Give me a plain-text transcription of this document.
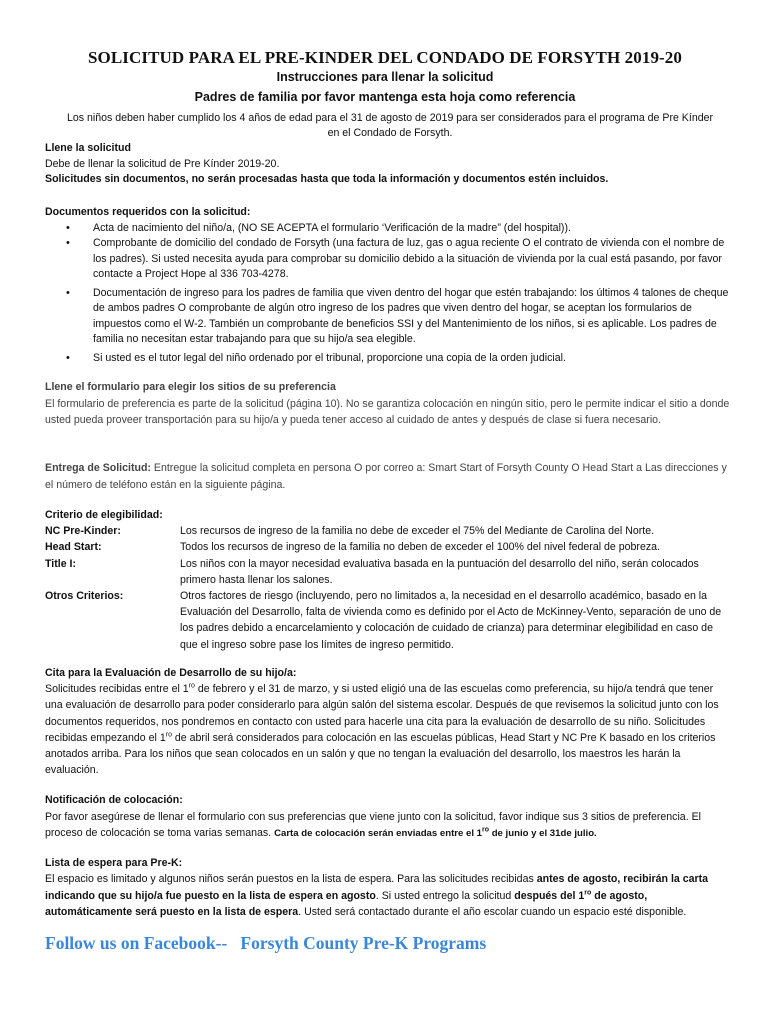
SOLICITUD PARA EL PRE-KINDER DEL CONDADO DE FORSYTH 2019-20
Instrucciones para llenar la solicitud
Padres de familia por favor mantenga esta hoja como referencia
Los niños deben haber cumplido los 4 años de edad para el 31 de agosto de 2019 para ser considerados para el programa de Pre Kínder en el Condado de Forsyth.
Llene la solicitud
Debe de llenar la solicitud de Pre Kínder 2019-20.
Solicitudes sin documentos, no serán procesadas hasta que toda la información y documentos estén incluidos.
Documentos requeridos con la solicitud:
• Acta de nacimiento del niño/a, (NO SE ACEPTA el formulario ‘Verificación de la madre” (del hospital)).
• Comprobante de domicilio del condado de Forsyth (una factura de luz, gas o agua reciente O el contrato de vivienda con el nombre de los padres). Si usted necesita ayuda para comprobar su domicilio debido a la situación de vivienda por la cual está pasando, por favor contacte a Project Hope al 336 703-4278.
• Documentación de ingreso para los padres de familia que viven dentro del hogar que estén trabajando: los últimos 4 talones de cheque de ambos padres O comprobante de algún otro ingreso de los padres que viven dentro del hogar, se aceptan los formularios de impuestos como el W-2. También un comprobante de beneficios SSI y del Mantenimiento de los niños, si es aplicable. Los padres de familia no necesitan estar trabajando para que su hijo/a sea elegible.
• Si usted es el tutor legal del niño ordenado por el tribunal, proporcione una copia de la orden judicial.
Llene el formulario para elegir los sitios de su preferencia
El formulario de preferencia es parte de la solicitud (página 10). No se garantiza colocación en ningún sitio, pero le permite indicar el sitio a donde usted pueda proveer transportación para su hijo/a y pueda tener acceso al cuidado de antes y después de clase si fuera necesario.
Entrega de Solicitud: Entregue la solicitud completa en persona O por correo a: Smart Start of Forsyth County O Head Start a Las direcciones y el número de teléfono están en la siguiente página.
Criterio de elegibilidad:
NC Pre-Kinder:	Los recursos de ingreso de la familia no debe de exceder el 75% del Mediante de Carolina del Norte.
Head Start:	Todos los recursos de ingreso de la familia no deben de exceder el 100% del nivel federal de pobreza.
Title I:	Los niños con la mayor necesidad evaluativa basada en la puntuación del desarrollo del niño, serán colocados primero hasta llenar los salones.
Otros Criterios:	Otros factores de riesgo (incluyendo, pero no limitados a, la necesidad en el desarrollo académico, basado en la Evaluación del Desarrollo, falta de vivienda como es definido por el Acto de McKinney-Vento, separación de uno de los padres debido a encarcelamiento y colocación de cuidado de crianza) para determinar elegibilidad en caso de que el ingreso sobre pase los límites de ingreso permitido.
Cita para la Evaluación de Desarrollo de su hijo/a:
Solicitudes recibidas entre el $1^{ro}$ de febrero y el 31 de marzo, y si usted eligió una de las escuelas como preferencia, su hijo/a tendrá que tener una evaluación de desarrollo para poder considerarlo para algún salón del sistema escolar. Después de que revisemos la solicitud junto con los documentos requeridos, nos pondremos en contacto con usted para hacerle una cita para la evaluación de desarrollo de su niño. Solicitudes recibidas empezando el $1^{ro}$ de abril será considerados para colocación en las escuelas públicas, Head Start y NC Pre K basado en los criterios anotados arriba. Para los niños que sean colocados en un salón y que no tengan la evaluación del desarrollo, los maestros les harán la evaluación.
Notificación de colocación:
Por favor asegúrese de llenar el formulario con sus preferencias que viene junto con la solicitud, favor indique sus 3 sitios de preferencia. El proceso de colocación se toma varias semanas. Carta de colocación serán enviadas entre el $1^{ro}$ de junio y el 31de julio.
Lista de espera para Pre-K:
El espacio es limitado y algunos niños serán puestos en la lista de espera. Para las solicitudes recibidas antes de agosto, recibirán la carta indicando que su hijo/a fue puesto en la lista de espera en agosto. Si usted entrego la solicitud después del $1^{ro}$ de agosto, automáticamente será puesto en la lista de espera. Usted será contactado durante el año escolar cuando un espacio esté disponible.
Follow us on Facebook--   Forsyth County Pre-K Programs
